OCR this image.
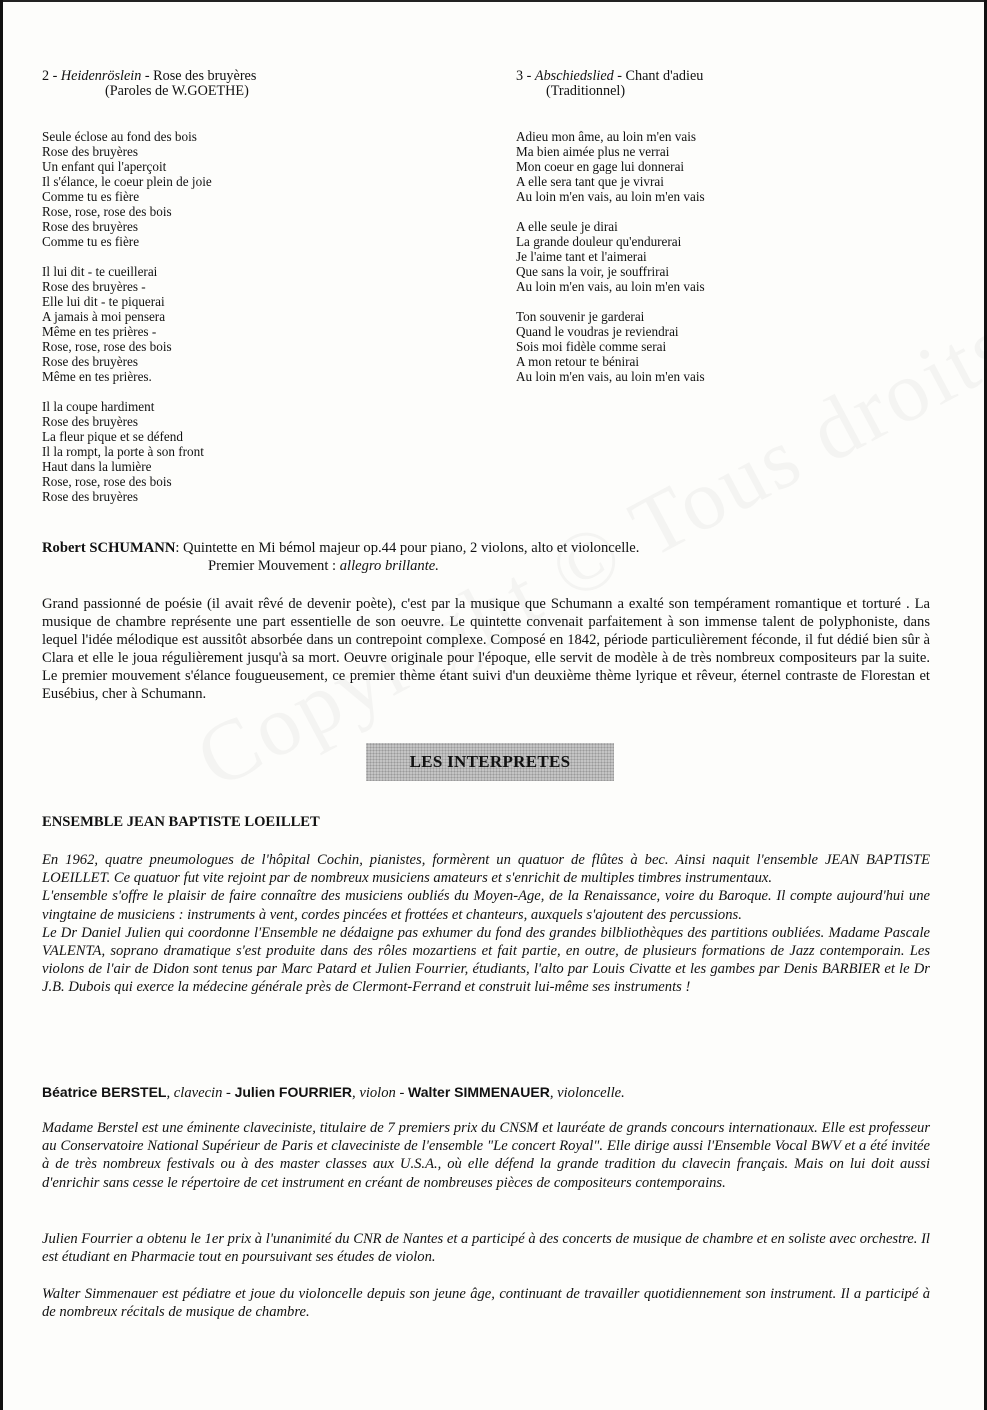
2 - Heidenröslein - Rose des bruyères
(Paroles de W.GOETHE)
Seule éclose au fond des bois
Rose des bruyères
Un enfant qui l'aperçoit
Il s'élance, le coeur plein de joie
Comme tu es fière
Rose, rose, rose des bois
Rose des bruyères
Comme tu es fière
Il lui dit - te cueillerai
Rose des bruyères -
Elle lui dit - te piquerai
A jamais à moi pensera
Même en tes prières -
Rose, rose, rose des bois
Rose des bruyères
Même en tes prières.
Il la coupe hardiment
Rose des bruyères
La fleur pique et se défend
Il la rompt, la porte à son front
Haut dans la lumière
Rose, rose, rose des bois
Rose des bruyères
3 - Abschiedslied - Chant d'adieu
(Traditionnel)
Adieu mon âme, au loin m'en vais
Ma bien aimée plus ne verrai
Mon coeur en gage lui donnerai
A elle sera tant que je vivrai
Au loin m'en vais, au loin m'en vais
A elle seule je dirai
La grande douleur qu'endurerai
Je l'aime tant et l'aimerai
Que sans la voir, je souffrirai
Au loin m'en vais, au loin m'en vais
Ton souvenir je garderai
Quand le voudras je reviendrai
Sois moi fidèle comme serai
A mon retour te bénirai
Au loin m'en vais, au loin m'en vais
Robert SCHUMANN: Quintette en Mi bémol majeur op.44 pour piano, 2 violons, alto et violoncelle.
Premier Mouvement : allegro brillante.
Grand passionné de poésie (il avait rêvé de devenir poète), c'est par la musique que Schumann a exalté son tempérament romantique et torturé . La musique de chambre représente une part essentielle de son oeuvre. Le quintette convenait parfaitement à son immense talent de polyphoniste, dans lequel l'idée mélodique est aussitôt absorbée dans un contrepoint complexe. Composé en 1842, période particulièrement féconde, il fut dédié bien sûr à Clara et elle le joua régulièrement jusqu'à sa mort. Oeuvre originale pour l'époque, elle servit de modèle à de très nombreux compositeurs par la suite. Le premier mouvement s'élance fougueusement, ce premier thème étant suivi d'un deuxième thème lyrique et rêveur, éternel contraste de Florestan et Eusébius, cher à Schumann.
LES INTERPRETES
ENSEMBLE JEAN BAPTISTE LOEILLET

En 1962, quatre pneumologues de l'hôpital Cochin, pianistes, formèrent un quatuor de flûtes à bec. Ainsi naquit l'ensemble JEAN BAPTISTE LOEILLET. Ce quatuor fut vite rejoint par de nombreux musiciens amateurs et s'enrichit de multiples timbres instrumentaux.

L'ensemble s'offre le plaisir de faire connaître des musiciens oubliés du Moyen-Age, de la Renaissance, voire du Baroque. Il compte aujourd'hui une vingtaine de musiciens : instruments à vent, cordes pincées et frottées et chanteurs, auxquels s'ajoutent des percussions.

Le Dr Daniel Julien qui coordonne l'Ensemble ne dédaigne pas exhumer du fond des grandes bilbliothèques des partitions oubliées. Madame Pascale VALENTA, soprano dramatique s'est produite dans des rôles mozartiens et fait partie, en outre, de plusieurs formations de Jazz contemporain. Les violons de l'air de Didon sont tenus par Marc Patard et Julien Fourrier, étudiants, l'alto par Louis Civatte et les gambes par Denis BARBIER et le Dr J.B. Dubois qui exerce la médecine générale près de Clermont-Ferrand et construit lui-même ses instruments !

Béatrice BERSTEL, clavecin - Julien FOURRIER, violon - Walter SIMMENAUER, violoncelle.
Madame Berstel est une éminente claveciniste, titulaire de 7 premiers prix du CNSM et lauréate de grands concours internationaux. Elle est professeur au Conservatoire National Supérieur de Paris et claveciniste de l'ensemble "Le concert Royal". Elle dirige aussi l'Ensemble Vocal BWV et a été invitée à de très nombreux festivals ou à des master classes aux U.S.A., où elle défend la grande tradition du clavecin français. Mais on lui doit aussi d'enrichir sans cesse le répertoire de cet instrument en créant de nombreuses pièces de compositeurs contemporains.
Julien Fourrier a obtenu le 1er prix à l'unanimité du CNR de Nantes et a participé à des concerts de musique de chambre et en soliste avec orchestre. Il est étudiant en Pharmacie tout en poursuivant ses études de violon.
Walter Simmenauer est pédiatre et joue du violoncelle depuis son jeune âge, continuant de travailler quotidiennement son instrument. Il a participé à de nombreux récitals de musique de chambre.
